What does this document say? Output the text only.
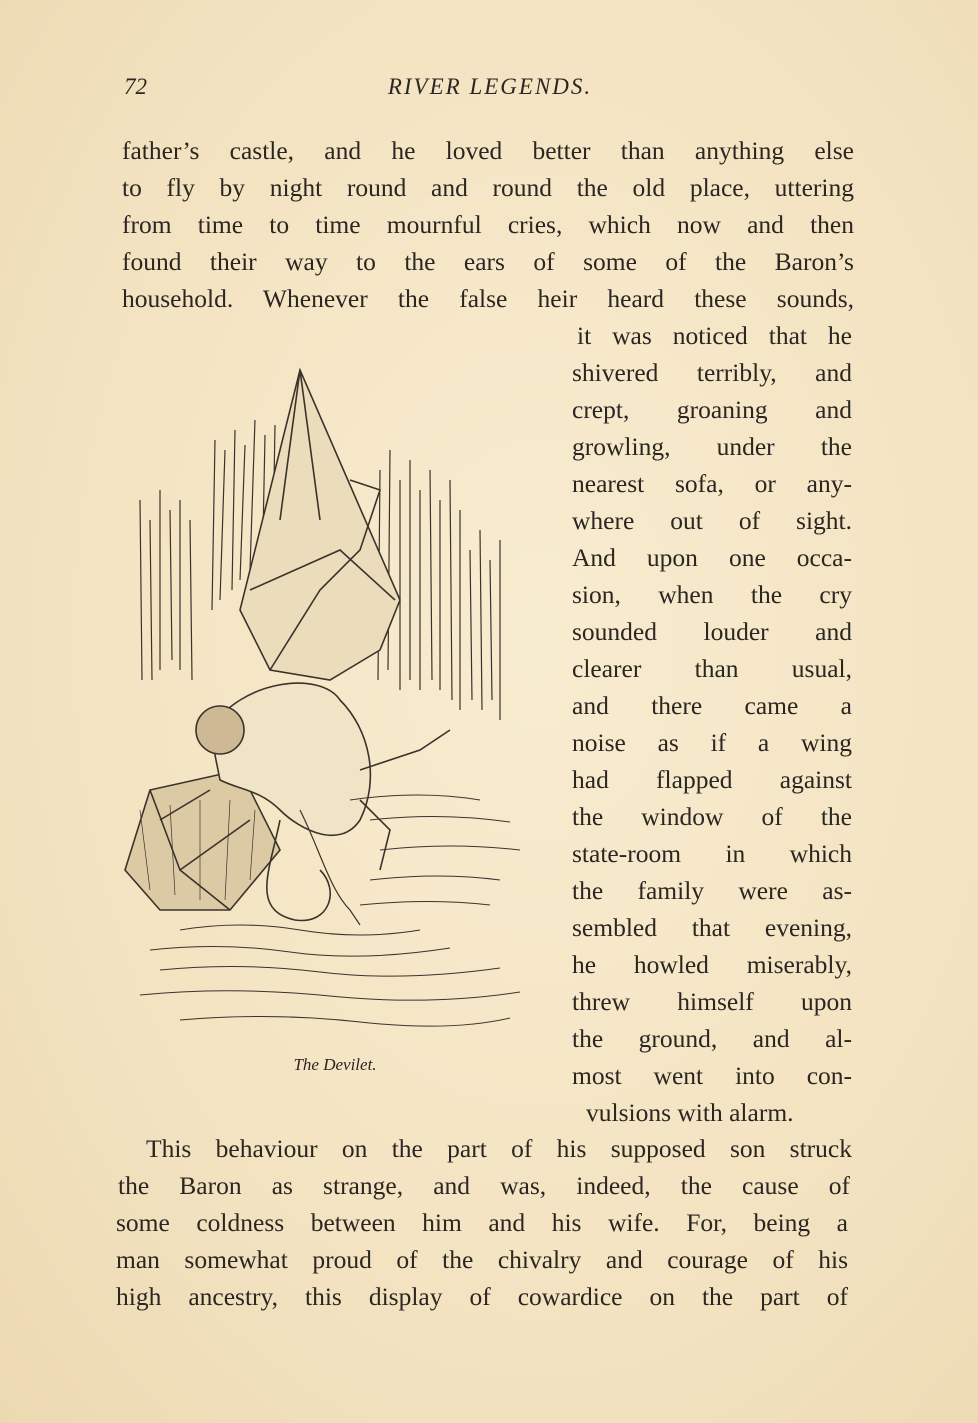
72	RIVER LEGENDS.
father’s castle, and he loved better than anything else
to fly by night round and round the old place, uttering
from time to time mournful cries, which now and then
found their way to the ears of some of the Baron’s
household. Whenever the false heir heard these sounds,
it was noticed that he
shivered terribly, and
crept, groaning and
growling, under the
nearest sofa, or any-
where out of sight.
And upon one occa-
sion, when the cry
sounded louder and
clearer than usual,
and there came a
noise as if a wing
had flapped against
the window of the
state-room in which
the family were as-
sembled that evening,
he howled miserably,
threw himself upon
the ground, and al-
most went into con-
vulsions with alarm.
The Devilet.
This behaviour on the part of his supposed son struck
the Baron as strange, and was, indeed, the cause of
some coldness between him and his wife. For, being a
man somewhat proud of the chivalry and courage of his
high ancestry, this display of cowardice on the part of
